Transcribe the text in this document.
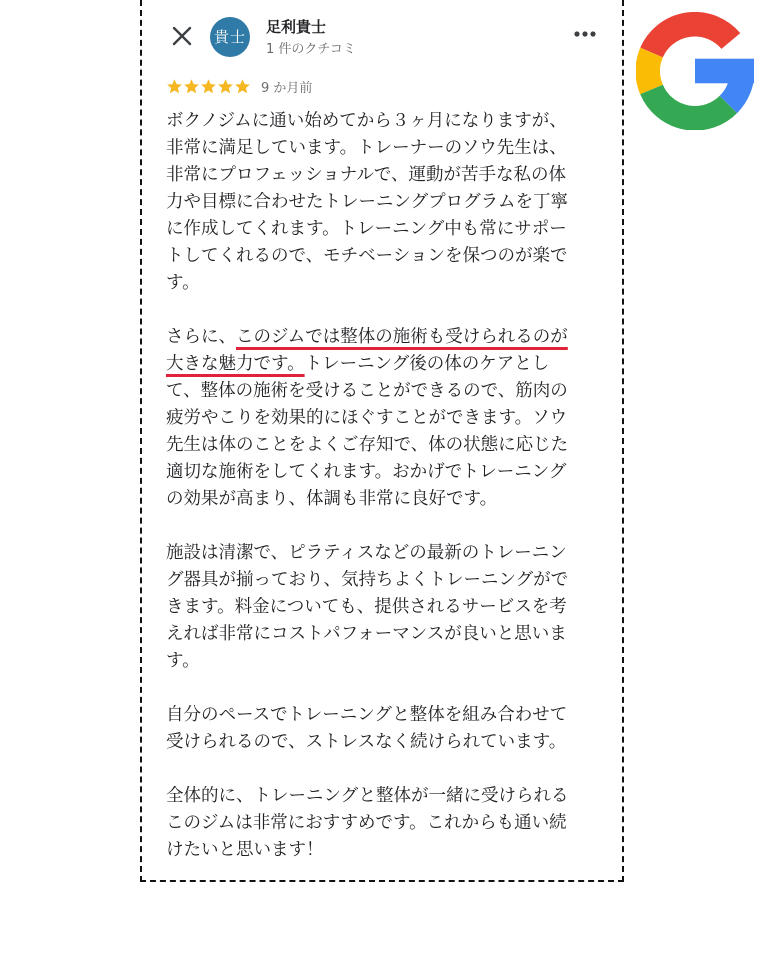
貴士
足利貴士
1 件のクチコミ
9 か月前

ボクノジムに通い始めてから３ヶ月になりますが、
非常に満足しています。トレーナーのソウ先生は、
非常にプロフェッショナルで、運動が苦手な私の体
力や目標に合わせたトレーニングプログラムを丁寧
に作成してくれます。トレーニング中も常にサポー
トしてくれるので、モチベーションを保つのが楽で
す。

さらに、このジムでは整体の施術も受けられるのが
大きな魅力です。トレーニング後の体のケアとし
て、整体の施術を受けることができるので、筋肉の
疲労やこりを効果的にほぐすことができます。ソウ
先生は体のことをよくご存知で、体の状態に応じた
適切な施術をしてくれます。おかげでトレーニング
の効果が高まり、体調も非常に良好です。

施設は清潔で、ピラティスなどの最新のトレーニン
グ器具が揃っており、気持ちよくトレーニングがで
きます。料金についても、提供されるサービスを考
えれば非常にコストパフォーマンスが良いと思いま
す。

自分のペースでトレーニングと整体を組み合わせて
受けられるので、ストレスなく続けられています。

全体的に、トレーニングと整体が一緒に受けられる
このジムは非常におすすめです。これからも通い続
けたいと思います！
